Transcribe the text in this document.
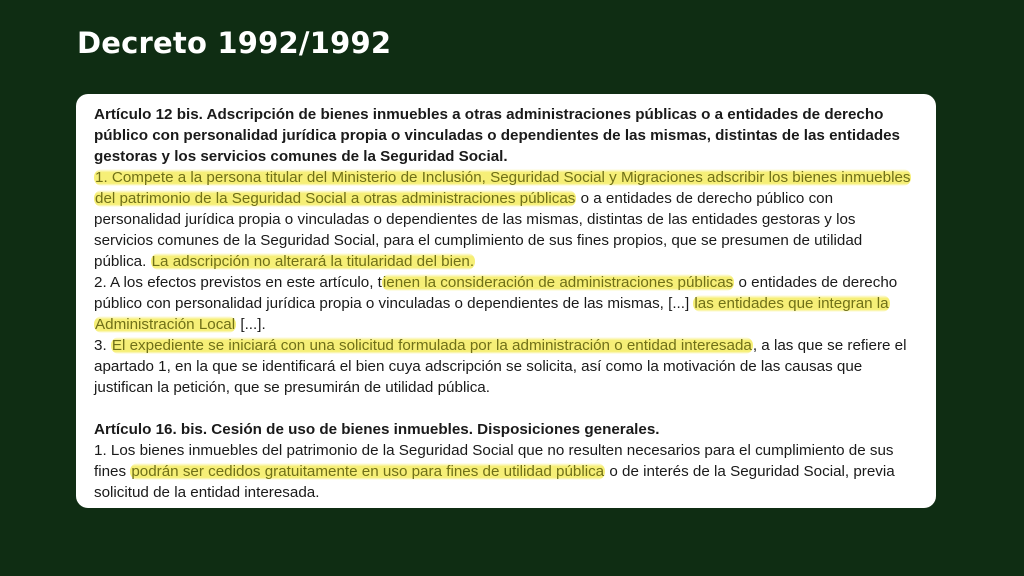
Decreto 1992/1992

Artículo 12 bis. Adscripción de bienes inmuebles a otras administraciones públicas o a entidades de derecho público con personalidad jurídica propia o vinculadas o dependientes de las mismas, distintas de las entidades gestoras y los servicios comunes de la Seguridad Social.

1. Compete a la persona titular del Ministerio de Inclusión, Seguridad Social y Migraciones adscribir los bienes inmuebles del patrimonio de la Seguridad Social a otras administraciones públicas o a entidades de derecho público con personalidad jurídica propia o vinculadas o dependientes de las mismas, distintas de las entidades gestoras y los servicios comunes de la Seguridad Social, para el cumplimiento de sus fines propios, que se presumen de utilidad pública. La adscripción no alterará la titularidad del bien.

2. A los efectos previstos en este artículo, tienen la consideración de administraciones públicas o entidades de derecho público con personalidad jurídica propia o vinculadas o dependientes de las mismas, [...] las entidades que integran la Administración Local [...].

3. El expediente se iniciará con una solicitud formulada por la administración o entidad interesada, a las que se refiere el apartado 1, en la que se identificará el bien cuya adscripción se solicita, así como la motivación de las causas que justifican la petición, que se presumirán de utilidad pública.

Artículo 16. bis. Cesión de uso de bienes inmuebles. Disposiciones generales.

1. Los bienes inmuebles del patrimonio de la Seguridad Social que no resulten necesarios para el cumplimiento de sus fines podrán ser cedidos gratuitamente en uso para fines de utilidad pública o de interés de la Seguridad Social, previa solicitud de la entidad interesada.
